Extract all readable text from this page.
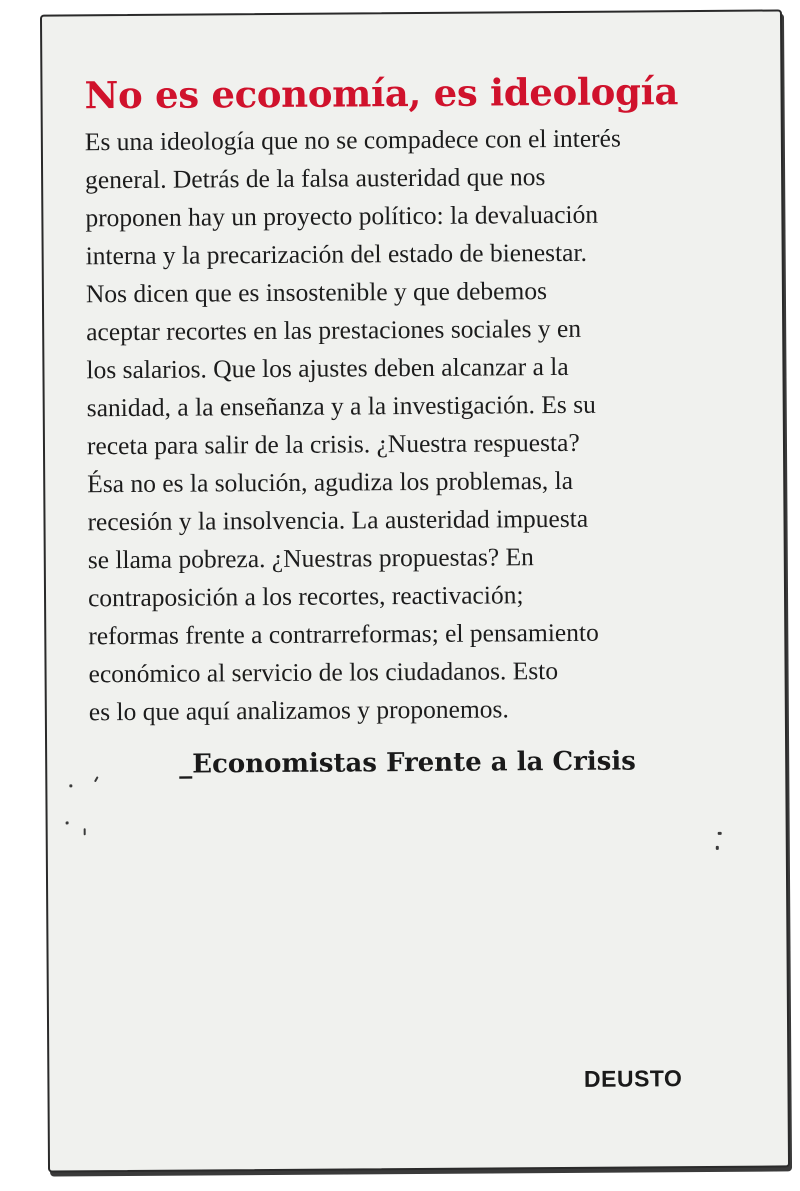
No es economía, es ideología
Es una ideología que no se compadece con el interés
general. Detrás de la falsa austeridad que nos
proponen hay un proyecto político: la devaluación
interna y la precarización del estado de bienestar.
Nos dicen que es insostenible y que debemos
aceptar recortes en las prestaciones sociales y en
los salarios. Que los ajustes deben alcanzar a la
sanidad, a la enseñanza y a la investigación. Es su
receta para salir de la crisis. ¿Nuestra respuesta?
Ésa no es la solución, agudiza los problemas, la
recesión y la insolvencia. La austeridad impuesta
se llama pobreza. ¿Nuestras propuestas? En
contraposición a los recortes, reactivación;
reformas frente a contrarreformas; el pensamiento
económico al servicio de los ciudadanos. Esto
es lo que aquí analizamos y proponemos.
_Economistas Frente a la Crisis
DEUSTO
